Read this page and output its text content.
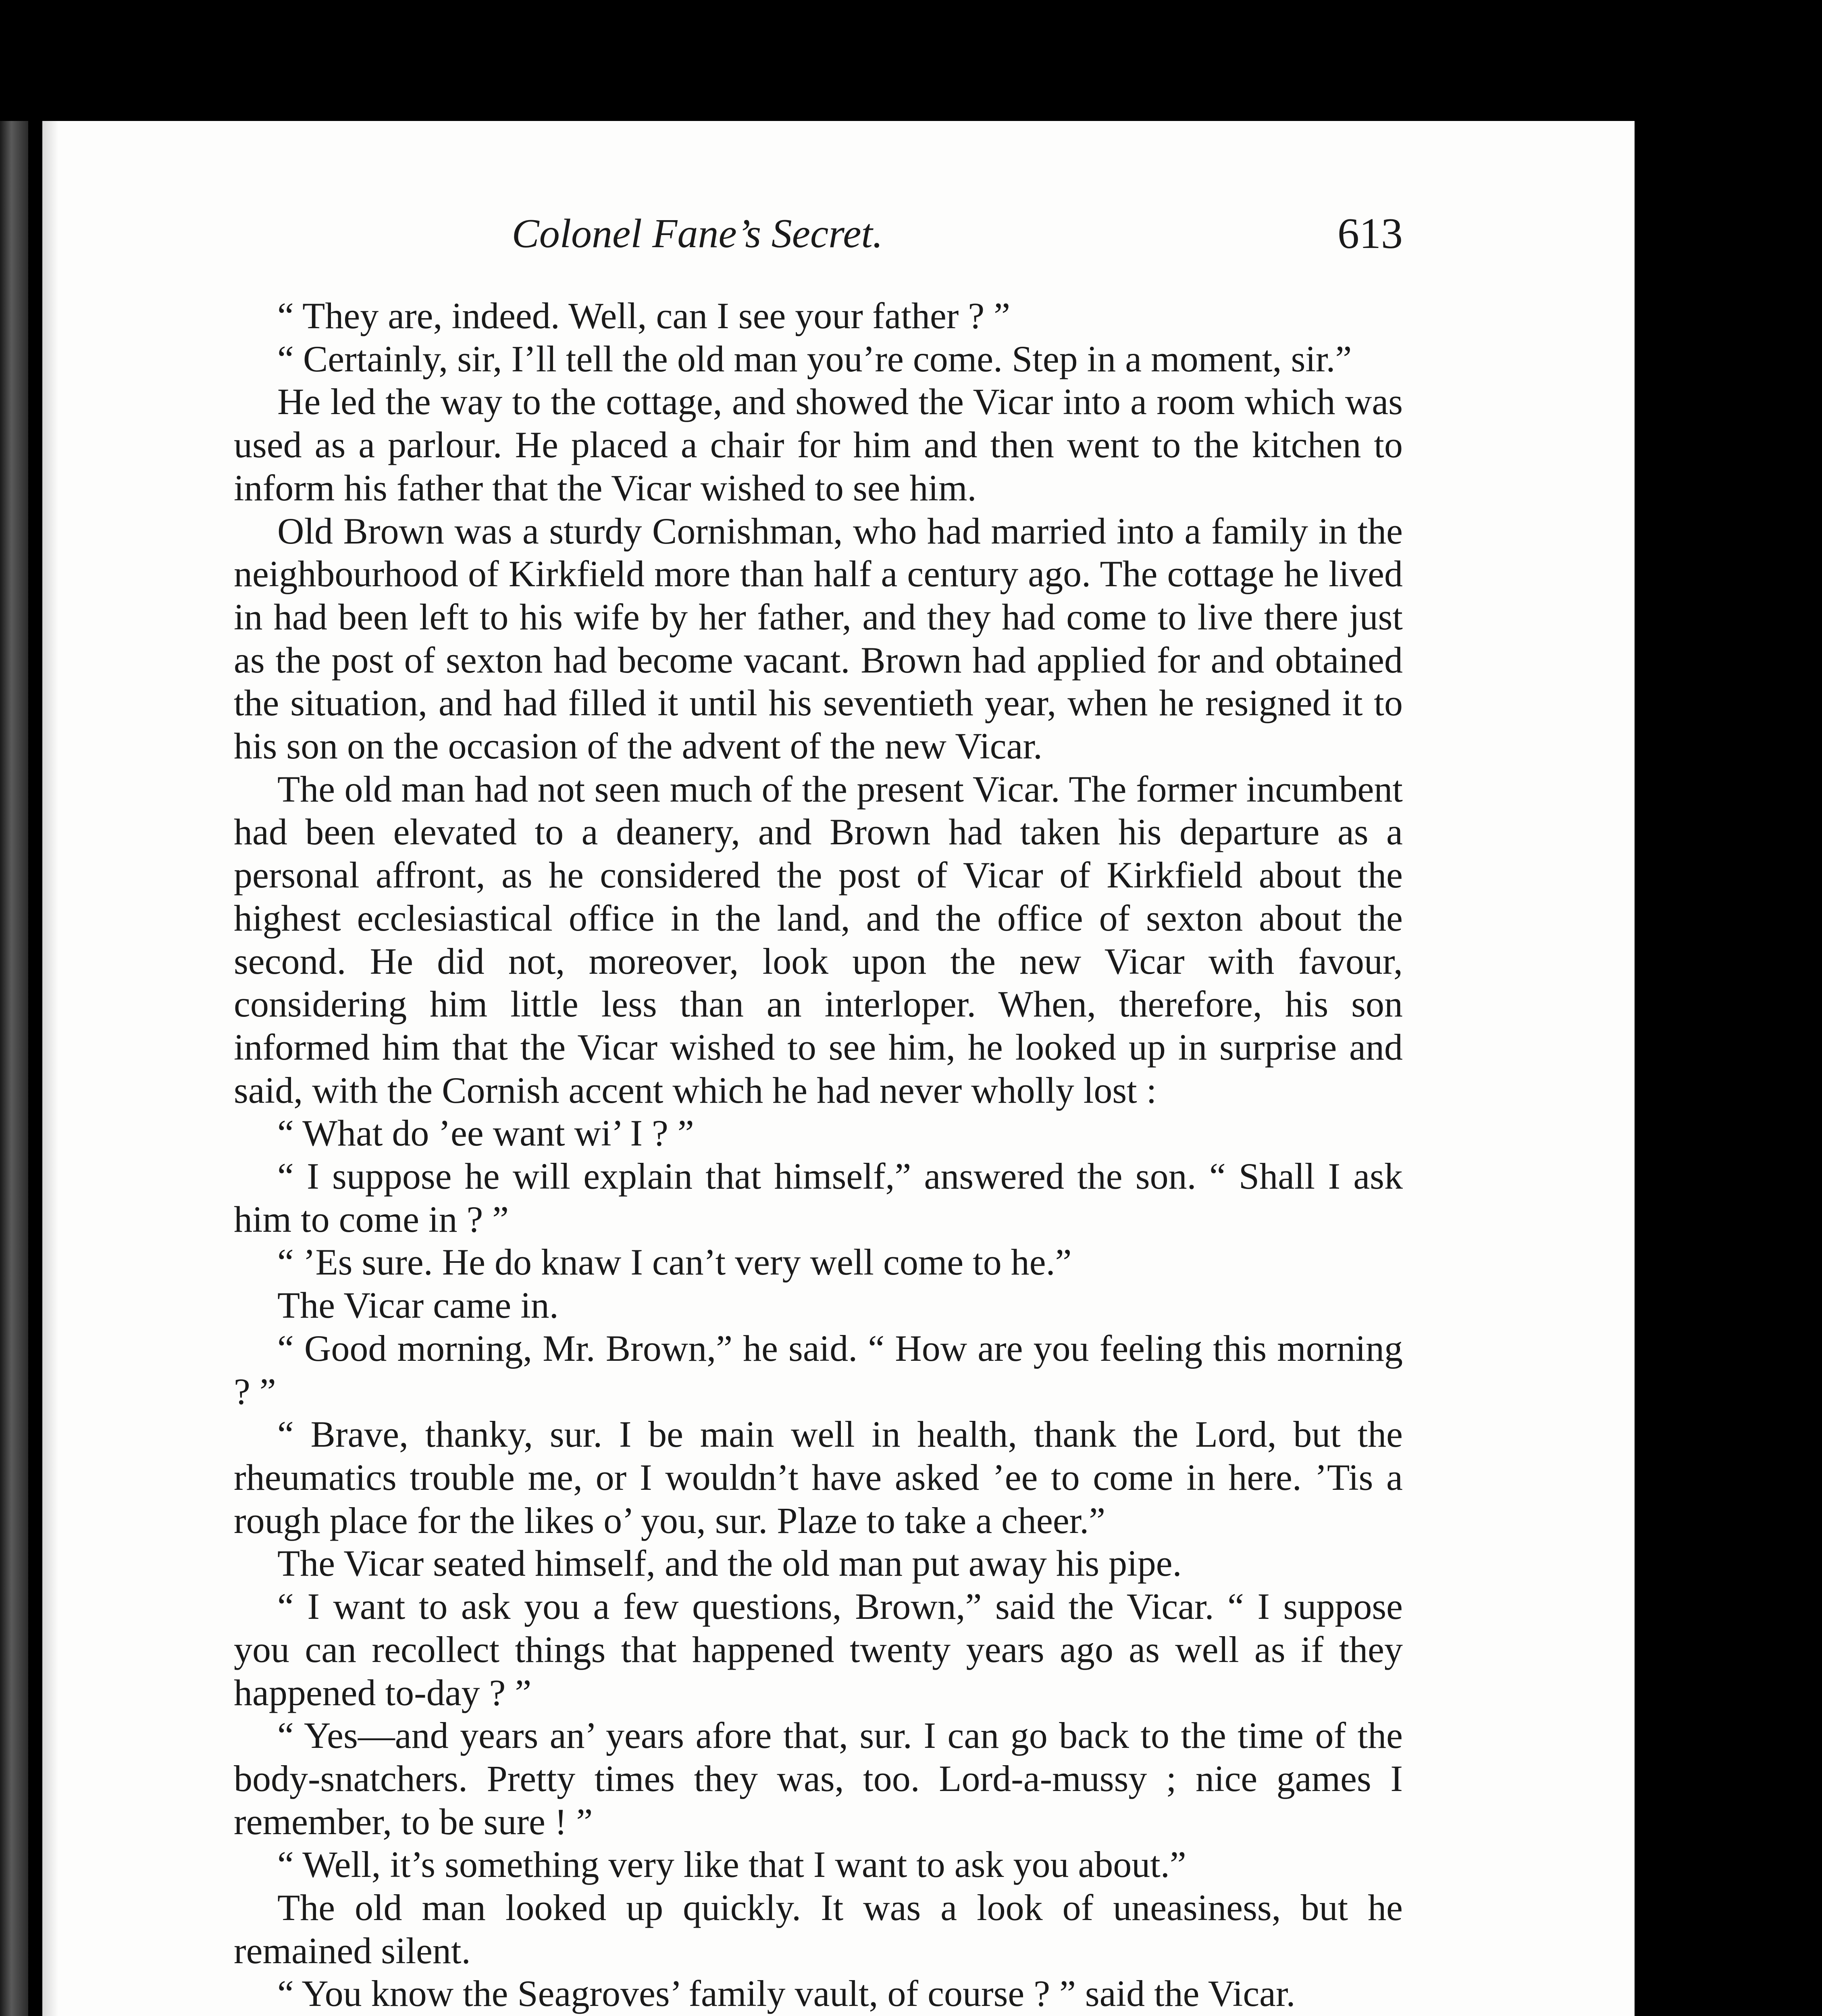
Colonel Fane’s Secret.	613

“ They are, indeed. Well, can I see your father ? ”

“ Certainly, sir, I’ll tell the old man you’re come. Step in a moment, sir.”

He led the way to the cottage, and showed the Vicar into a room which was used as a parlour. He placed a chair for him and then went to the kitchen to inform his father that the Vicar wished to see him.

Old Brown was a sturdy Cornishman, who had married into a family in the neighbourhood of Kirkfield more than half a century ago. The cottage he lived in had been left to his wife by her father, and they had come to live there just as the post of sexton had become vacant. Brown had applied for and obtained the situation, and had filled it until his seventieth year, when he resigned it to his son on the occasion of the advent of the new Vicar.

The old man had not seen much of the present Vicar. The former incumbent had been elevated to a deanery, and Brown had taken his departure as a personal affront, as he considered the post of Vicar of Kirkfield about the highest ecclesiastical office in the land, and the office of sexton about the second. He did not, moreover, look upon the new Vicar with favour, considering him little less than an interloper. When, therefore, his son informed him that the Vicar wished to see him, he looked up in surprise and said, with the Cornish accent which he had never wholly lost :

“ What do ’ee want wi’ I ? ”

“ I suppose he will explain that himself,” answered the son. “ Shall I ask him to come in ? ”

“ ’Es sure. He do knaw I can’t very well come to he.”

The Vicar came in.

“ Good morning, Mr. Brown,” he said. “ How are you feeling this morning ? ”

“ Brave, thanky, sur. I be main well in health, thank the Lord, but the rheumatics trouble me, or I wouldn’t have asked ’ee to come in here. ’Tis a rough place for the likes o’ you, sur. Plaze to take a cheer.”

The Vicar seated himself, and the old man put away his pipe.

“ I want to ask you a few questions, Brown,” said the Vicar. “ I suppose you can recollect things that happened twenty years ago as well as if they happened to-day ? ”

“ Yes—and years an’ years afore that, sur. I can go back to the time of the body-snatchers. Pretty times they was, too. Lord-a-mussy ; nice games I remember, to be sure ! ”

“ Well, it’s something very like that I want to ask you about.”

The old man looked up quickly. It was a look of uneasiness, but he remained silent.

“ You know the Seagroves’ family vault, of course ? ” said the Vicar.
